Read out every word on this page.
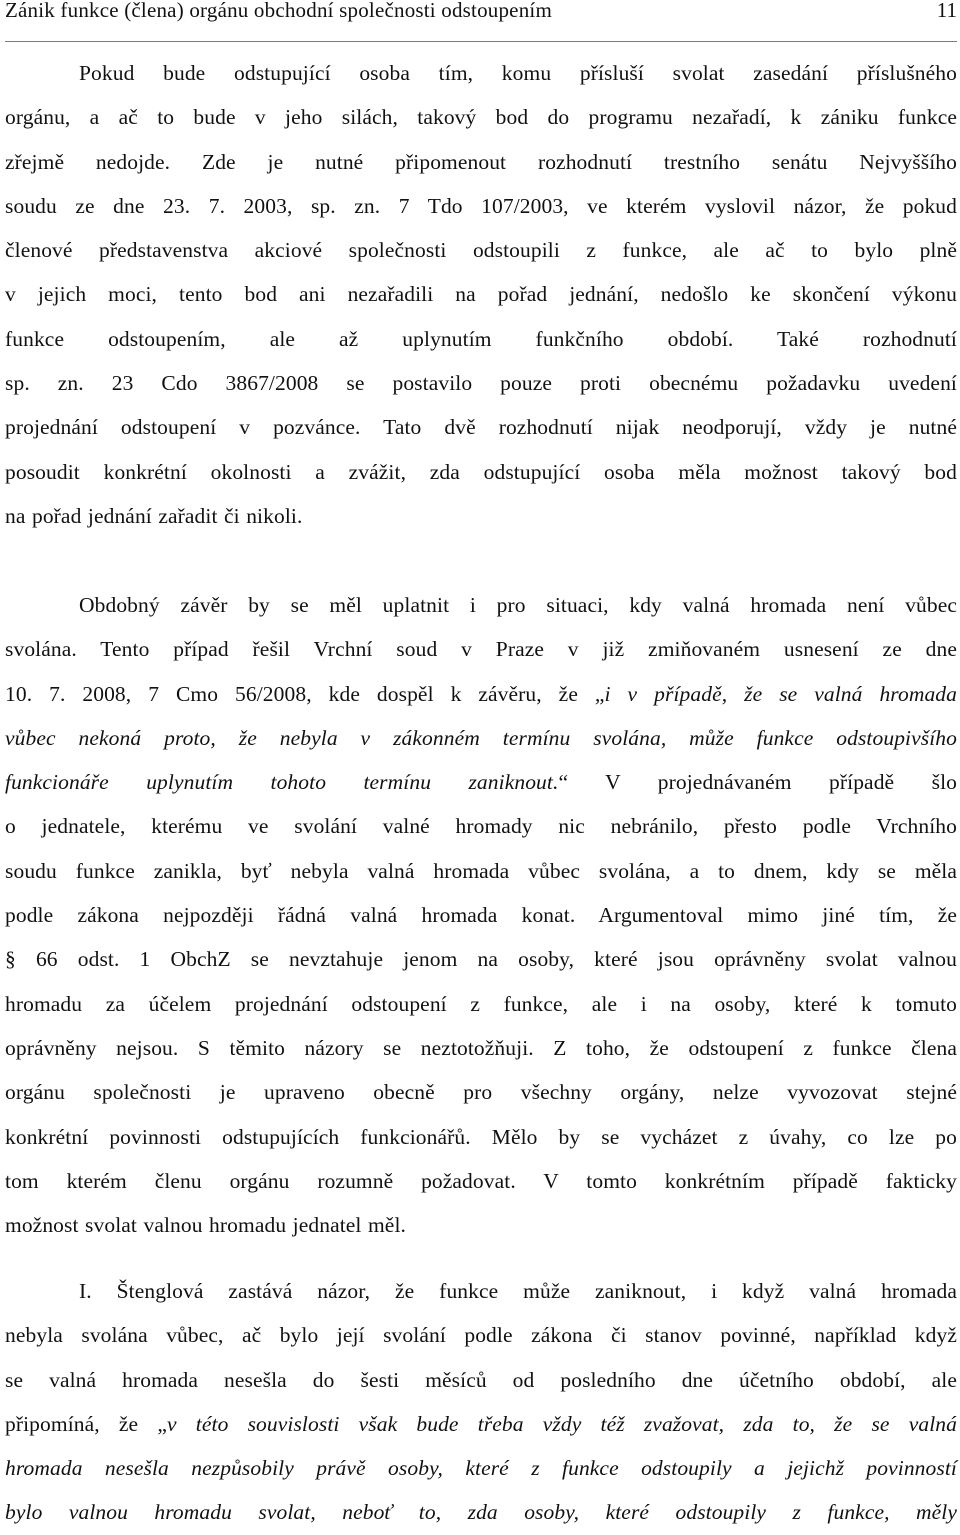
Zánik funkce (člena) orgánu obchodní společnosti odstoupením	11
Pokud bude odstupující osoba tím, komu přísluší svolat zasedání příslušného
orgánu, a ač to bude v jeho silách, takový bod do programu nezařadí, k zániku funkce
zřejmě nedojde. Zde je nutné připomenout rozhodnutí trestního senátu Nejvyššího
soudu ze dne 23. 7. 2003, sp. zn. 7 Tdo 107/2003, ve kterém vyslovil názor, že pokud
členové představenstva akciové společnosti odstoupili z funkce, ale ač to bylo plně
v jejich moci, tento bod ani nezařadili na pořad jednání, nedošlo ke skončení výkonu
funkce odstoupením, ale až uplynutím funkčního období. Také rozhodnutí
sp. zn. 23 Cdo 3867/2008 se postavilo pouze proti obecnému požadavku uvedení
projednání odstoupení v pozvánce. Tato dvě rozhodnutí nijak neodporují, vždy je nutné
posoudit konkrétní okolnosti a zvážit, zda odstupující osoba měla možnost takový bod
na pořad jednání zařadit či nikoli.
Obdobný závěr by se měl uplatnit i pro situaci, kdy valná hromada není vůbec
svolána. Tento případ řešil Vrchní soud v Praze v již zmiňovaném usnesení ze dne
10. 7. 2008, 7 Cmo 56/2008, kde dospěl k závěru, že „i v případě, že se valná hromada
vůbec nekoná proto, že nebyla v zákonném termínu svolána, může funkce odstoupivšího
funkcionáře uplynutím tohoto termínu zaniknout.“ V projednávaném případě šlo
o jednatele, kterému ve svolání valné hromady nic nebránilo, přesto podle Vrchního
soudu funkce zanikla, byť nebyla valná hromada vůbec svolána, a to dnem, kdy se měla
podle zákona nejpozději řádná valná hromada konat. Argumentoval mimo jiné tím, že
§ 66 odst. 1 ObchZ se nevztahuje jenom na osoby, které jsou oprávněny svolat valnou
hromadu za účelem projednání odstoupení z funkce, ale i na osoby, které k tomuto
oprávněny nejsou. S těmito názory se neztotožňuji. Z toho, že odstoupení z funkce člena
orgánu společnosti je upraveno obecně pro všechny orgány, nelze vyvozovat stejné
konkrétní povinnosti odstupujících funkcionářů. Mělo by se vycházet z úvahy, co lze po
tom kterém členu orgánu rozumně požadovat. V tomto konkrétním případě fakticky
možnost svolat valnou hromadu jednatel měl.
I. Štenglová zastává názor, že funkce může zaniknout, i když valná hromada
nebyla svolána vůbec, ač bylo její svolání podle zákona či stanov povinné, například když
se valná hromada nesešla do šesti měsíců od posledního dne účetního období, ale
připomíná, že „v této souvislosti však bude třeba vždy též zvažovat, zda to, že se valná
hromada nesešla nezpůsobily právě osoby, které z funkce odstoupily a jejichž povinností
bylo valnou hromadu svolat, neboť to, zda osoby, které odstoupily z funkce, měly
